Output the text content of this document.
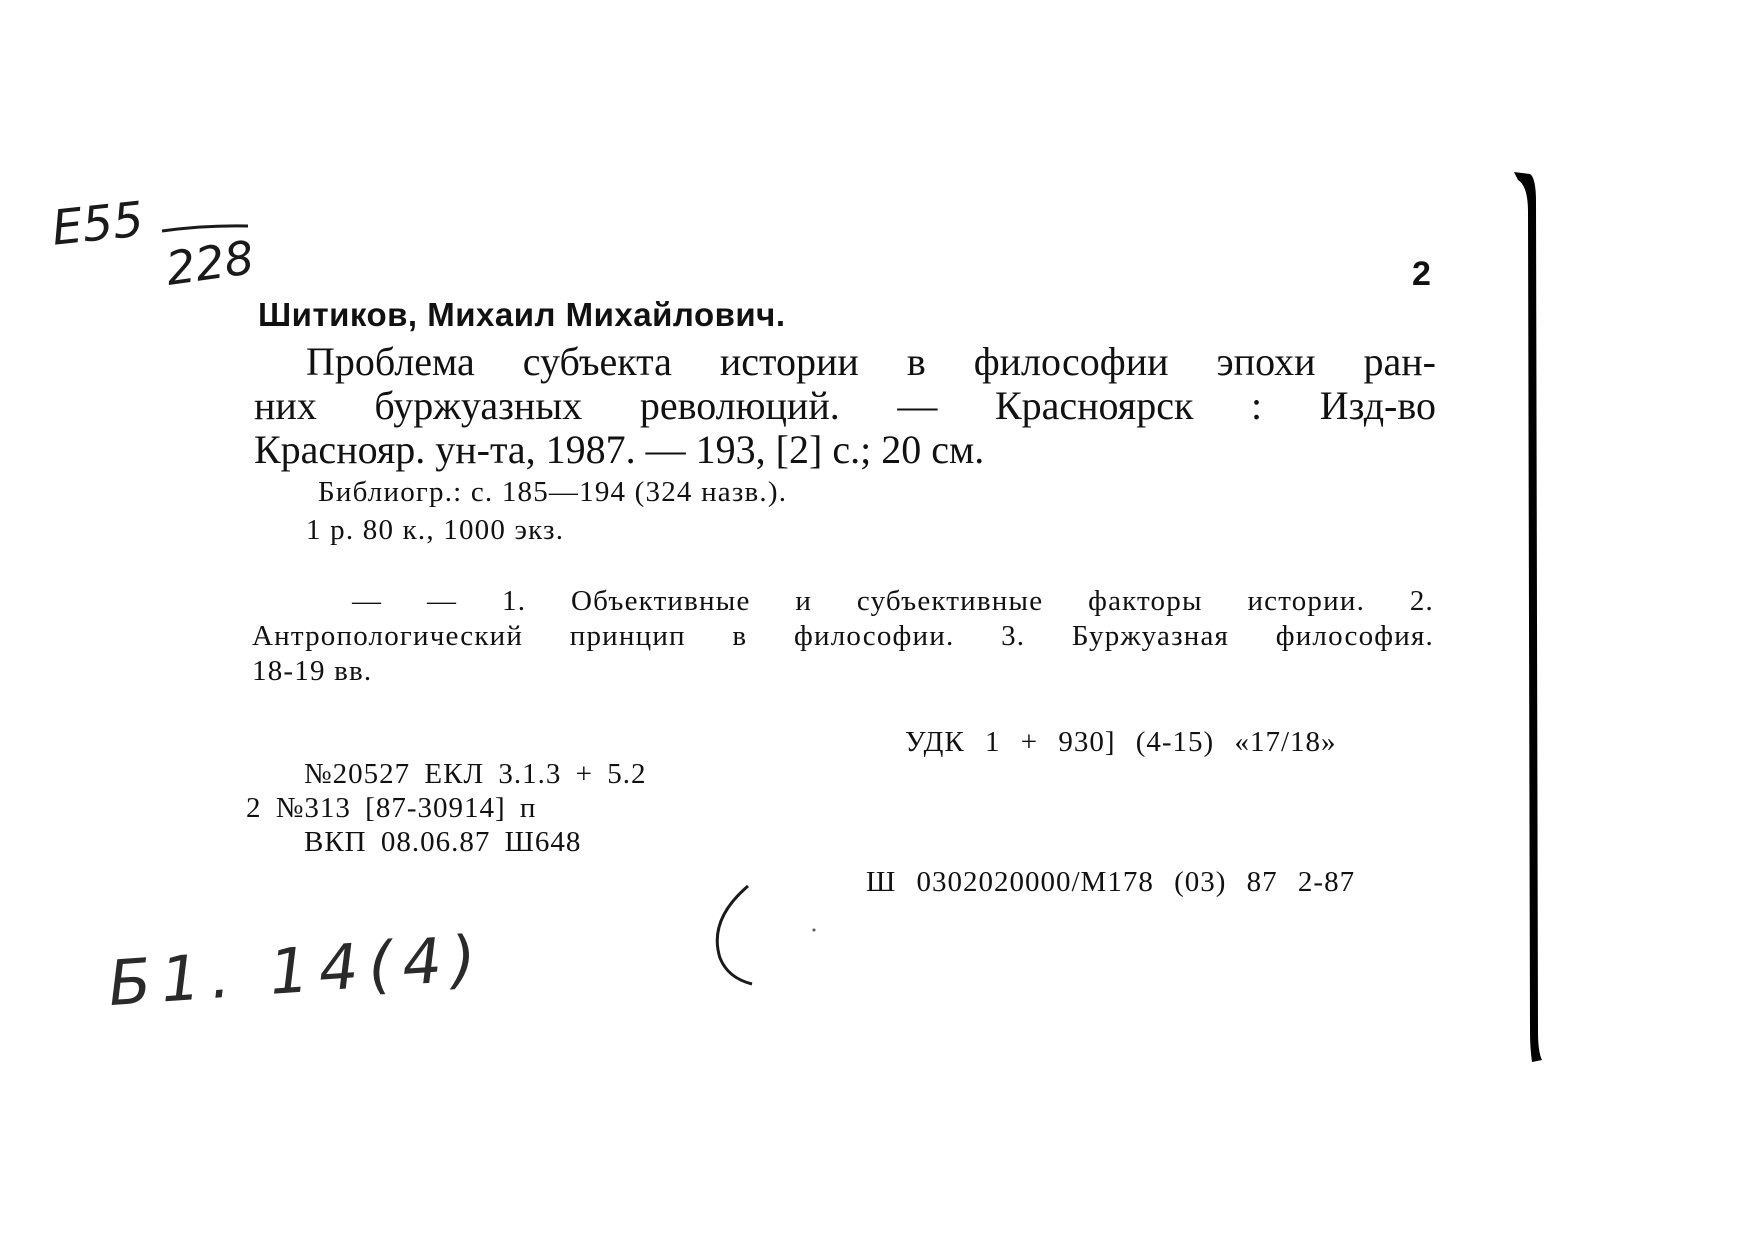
E55
228	2
Шитиков, Михаил Михайлович.
Проблема субъекта истории в философии эпохи ран-
них буржуазных революций. — Красноярск : Изд-во
Краснояр. ун-та, 1987. — 193, [2] с.; 20 см.
Библиогр.: с. 185—194 (324 назв.).
1 р. 80 к., 1000 экз.
— — 1. Объективные и субъективные факторы истории. 2.
Антропологический принцип в философии. 3. Буржуазная философия.
18-19 вв.
УДК 1 + 930] (4-15) «17/18»
№20527 ЕКЛ 3.1.3 + 5.2
2 №313 [87-30914] п
ВКП 08.06.87 Ш648
Ш 0302020000/M178 (03) 87 2-87
Б1. 14(4)
